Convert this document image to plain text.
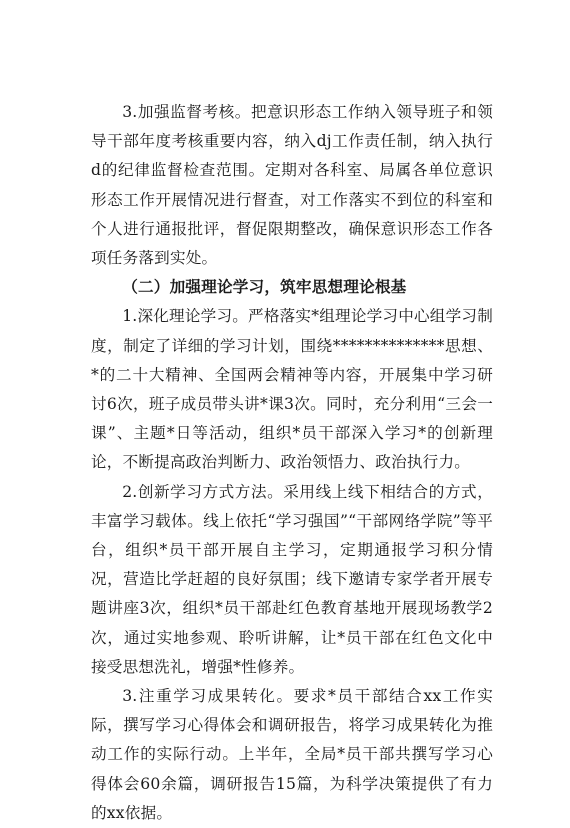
3.加强监督考核。把意识形态工作纳入领导班子和领导干部年度考核重要内容，纳入dj工作责任制，纳入执行d的纪律监督检查范围。定期对各科室、局属各单位意识形态工作开展情况进行督查，对工作落实不到位的科室和个人进行通报批评，督促限期整改，确保意识形态工作各项任务落到实处。

（二）加强理论学习，筑牢思想理论根基

1.深化理论学习。严格落实*组理论学习中心组学习制度，制定了详细的学习计划，围绕**************思想、*的二十大精神、全国两会精神等内容，开展集中学习研讨6次，班子成员带头讲*课3次。同时，充分利用“三会一课”、主题*日等活动，组织*员干部深入学习*的创新理论，不断提高政治判断力、政治领悟力、政治执行力。

2.创新学习方式方法。采用线上线下相结合的方式，丰富学习载体。线上依托“学习强国”“干部网络学院”等平台，组织*员干部开展自主学习，定期通报学习积分情况，营造比学赶超的良好氛围；线下邀请专家学者开展专题讲座3次，组织*员干部赴红色教育基地开展现场教学2次，通过实地参观、聆听讲解，让*员干部在红色文化中接受思想洗礼，增强*性修养。

3.注重学习成果转化。要求*员干部结合xx工作实际，撰写学习心得体会和调研报告，将学习成果转化为推动工作的实际行动。上半年，全局*员干部共撰写学习心得体会60余篇，调研报告15篇，为科学决策提供了有力的xx依据。
